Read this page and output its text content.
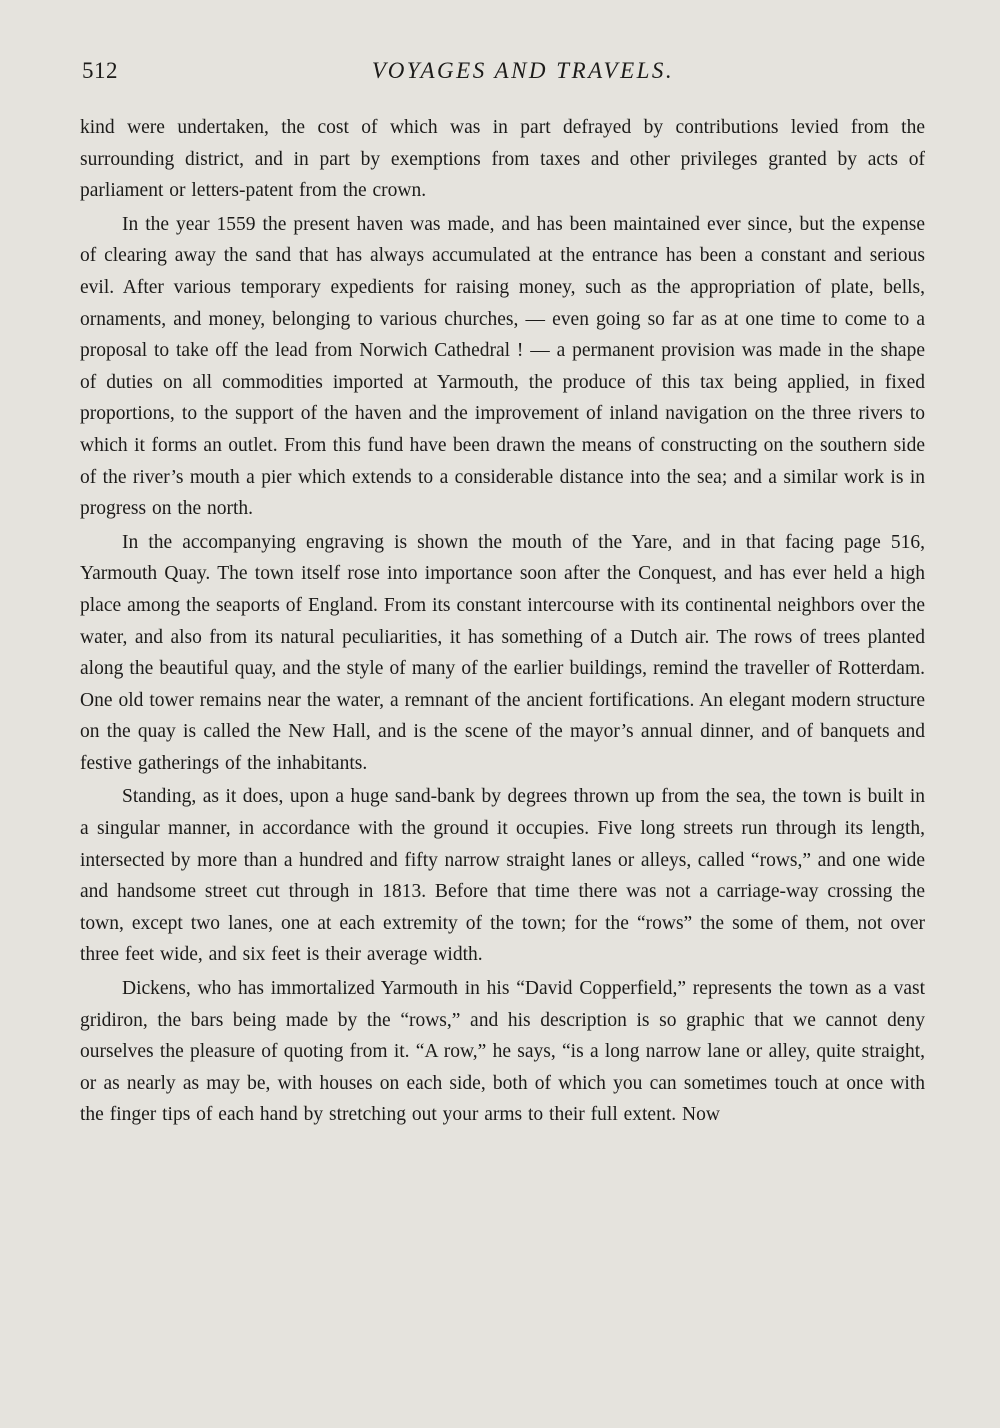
512	VOYAGES AND TRAVELS.

kind were undertaken, the cost of which was in part defrayed by contributions levied from the surrounding district, and in part by exemptions from taxes and other privileges granted by acts of parliament or letters-patent from the crown.

In the year 1559 the present haven was made, and has been maintained ever since, but the expense of clearing away the sand that has always accumulated at the entrance has been a constant and serious evil. After various temporary expedients for raising money, such as the appropriation of plate, bells, ornaments, and money, belonging to various churches, — even going so far as at one time to come to a proposal to take off the lead from Norwich Cathedral ! — a permanent provision was made in the shape of duties on all commodities imported at Yarmouth, the produce of this tax being applied, in fixed proportions, to the support of the haven and the improvement of inland navigation on the three rivers to which it forms an outlet. From this fund have been drawn the means of constructing on the southern side of the river’s mouth a pier which extends to a considerable distance into the sea; and a similar work is in progress on the north.

In the accompanying engraving is shown the mouth of the Yare, and in that facing page 516, Yarmouth Quay. The town itself rose into importance soon after the Conquest, and has ever held a high place among the seaports of England. From its constant intercourse with its continental neighbors over the water, and also from its natural peculiarities, it has something of a Dutch air. The rows of trees planted along the beautiful quay, and the style of many of the earlier buildings, remind the traveller of Rotterdam. One old tower remains near the water, a remnant of the ancient fortifications. An elegant modern structure on the quay is called the New Hall, and is the scene of the mayor’s annual dinner, and of banquets and festive gatherings of the inhabitants.

Standing, as it does, upon a huge sand-bank by degrees thrown up from the sea, the town is built in a singular manner, in accordance with the ground it occupies. Five long streets run through its length, intersected by more than a hundred and fifty narrow straight lanes or alleys, called “rows,” and one wide and handsome street cut through in 1813. Before that time there was not a carriage-way crossing the town, except two lanes, one at each extremity of the town; for the “rows” the some of them, not over three feet wide, and six feet is their average width.

Dickens, who has immortalized Yarmouth in his “David Copperfield,” represents the town as a vast gridiron, the bars being made by the “rows,” and his description is so graphic that we cannot deny ourselves the pleasure of quoting from it. “A row,” he says, “is a long narrow lane or alley, quite straight, or as nearly as may be, with houses on each side, both of which you can sometimes touch at once with the finger tips of each hand by stretching out your arms to their full extent. Now
